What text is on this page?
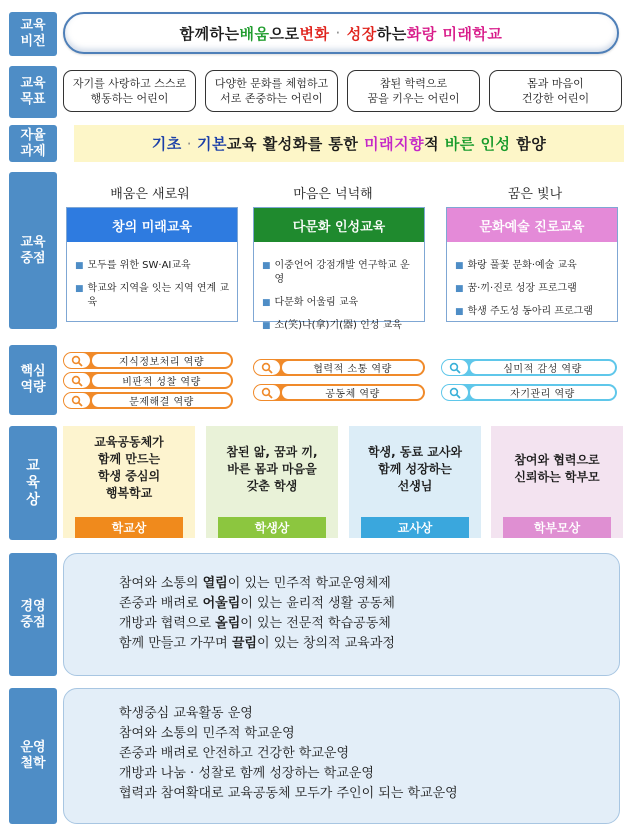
교육
비전
교육
목표
자율
과제
교육
중점
핵심
역량
교
육
상
경영
중점
운영
철학
함께하는 배움 으로 변화 · 성장 하는 화랑 미래학교
자기를 사랑하고 스스로
행동하는 어린이
다양한 문화를 체험하고
서로 존중하는 어린이
참된 학력으로
꿈을 키우는 어린이
몸과 마음이
건강한 어린이
기초 · 기본 교육 활성화를 통한 미래지향 적 바른 인성 함양
배움은 새로워	마음은 넉넉해	꿈은 빛나
창의 미래교육
■ 모두를 위한 SW·AI교육
■ 학교와 지역을 잇는 지역 연계 교육
다문화 인성교육
■ 이중언어 강점개발 연구학교 운영
■ 다문화 어울림 교육
■ 소(笑)나(拿)기(器) 인성 교육
문화예술 진로교육
■ 화랑 풀꽃 문화·예술 교육
■ 꿈·끼·진로 성장 프로그램
■ 학생 주도성 동아리 프로그램
지식정보처리 역량
비판적 성찰 역량
문제해결 역량
협력적 소통 역량
공동체 역량
심미적 감성 역량
자기관리 역량
교육공동체가
함께 만드는
학생 중심의
행복학교
학교상
참된 앎, 꿈과 끼,
바른 몸과 마음을
갖춘 학생
학생상
학생, 동료 교사와
함께 성장하는
선생님
교사상
참여와 협력으로
신뢰하는 학부모
학부모상
참여와 소통의 열림이 있는 민주적 학교운영체제
존중과 배려로 어울림이 있는 윤리적 생활 공동체
개방과 협력으로 올림이 있는 전문적 학습공동체
함께 만들고 가꾸며 끌림이 있는 창의적 교육과정
학생중심 교육활동 운영
참여와 소통의 민주적 학교운영
존중과 배려로 안전하고 건강한 학교운영
개방과 나눔 · 성찰로 함께 성장하는 학교운영
협력과 참여확대로 교육공동체 모두가 주인이 되는 학교운영
